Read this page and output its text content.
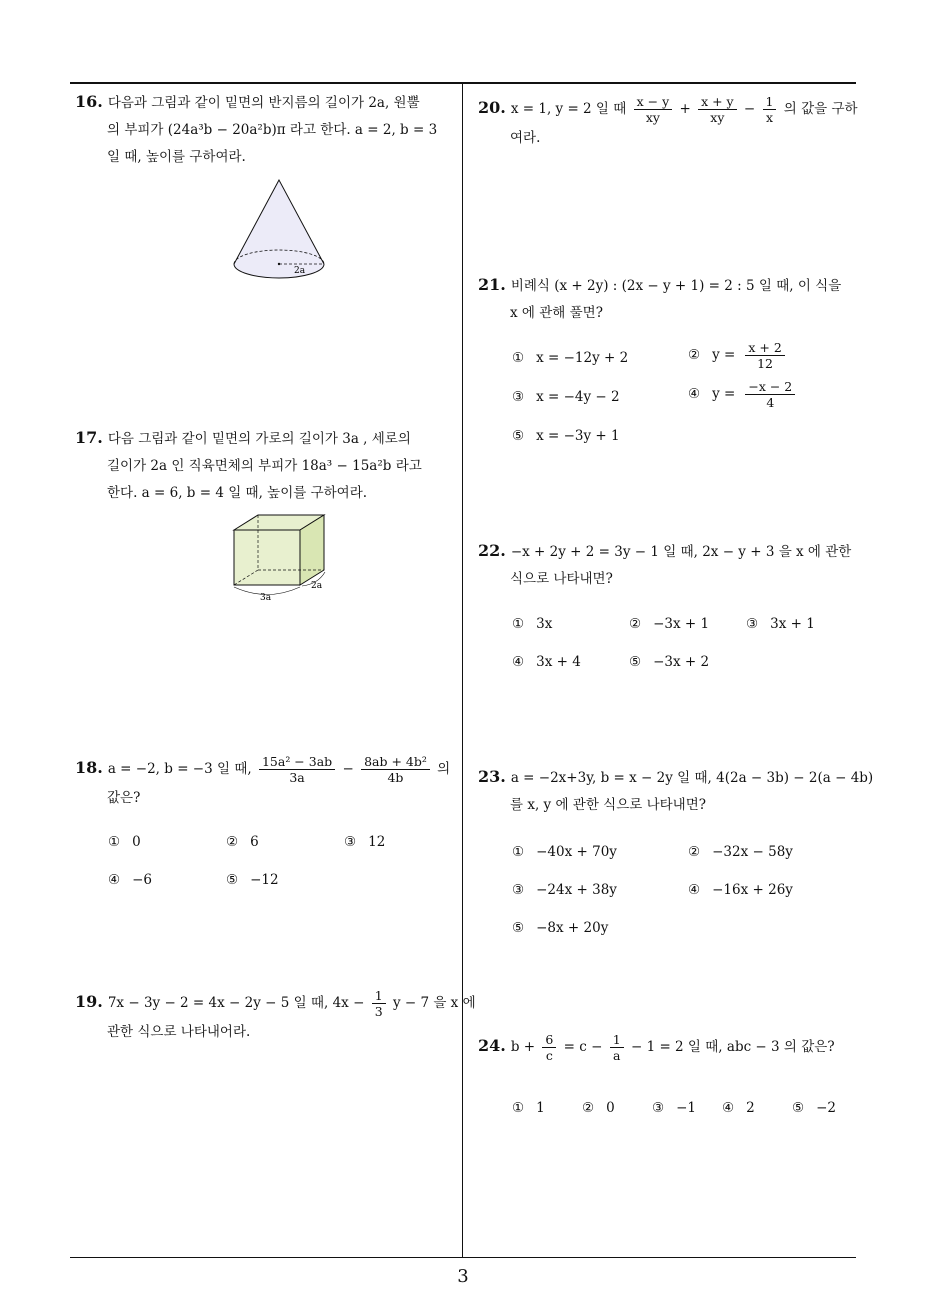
16. 다음과 그림과 같이 밑면의 반지름의 길이가 2a, 원뿔
의 부피가 (24a³b − 20a²b)π 라고 한다. a = 2, b = 3
일 때, 높이를 구하여라.
2a
17. 다음 그림과 같이 밑면의 가로의 길이가 3a , 세로의
길이가 2a 인 직육면체의 부피가 18a³ − 15a²b 라고
한다. a = 6, b = 4 일 때, 높이를 구하여라.
3a
2a
18. a = −2, b = −3 일 때, $\frac{\text{15a² − 3ab}}{3a} - \frac{\text{8ab + 4b²}}{4b}$ 의
값은?
① 0	② 6	③ 12
④ −6	⑤ −12
19. 7x − 3y − 2 = 4x − 2y − 5 일 때, $4x - \frac{1}{3}$ y − 7 을 x 에
관한 식으로 나타내어라.
20. x = 1, y = 2 일 때 $\frac{x - y}{xy} + \frac{x + y}{xy} - \frac{1}{x}$ 의 값을 구하
여라.
21. 비례식 (x + 2y) : (2x − y + 1) = 2 : 5 일 때, 이 식을
x 에 관해 풀면?
① x = −12y + 2	② $y = \frac{x + 2}{12}$
③ x = −4y − 2	④ $y = \frac{-x - 2}{4}$
⑤ x = −3y + 1
22. −x + 2y + 2 = 3y − 1 일 때, 2x − y + 3 을 x 에 관한
식으로 나타내면?
① 3x	② −3x + 1	③ 3x + 1
④ 3x + 4	⑤ −3x + 2
23. a = −2x+3y, b = x − 2y 일 때, 4(2a − 3b) − 2(a − 4b)
를 x, y 에 관한 식으로 나타내면?
① −40x + 70y	② −32x − 58y
③ −24x + 38y	④ −16x + 26y
⑤ −8x + 20y
24. $b + \frac{6}{c} = c - \frac{1}{a} - 1 = 2$ 일 때, abc − 3 의 값은?
① 1	② 0	③ −1 ④ 2	⑤ −2
3
